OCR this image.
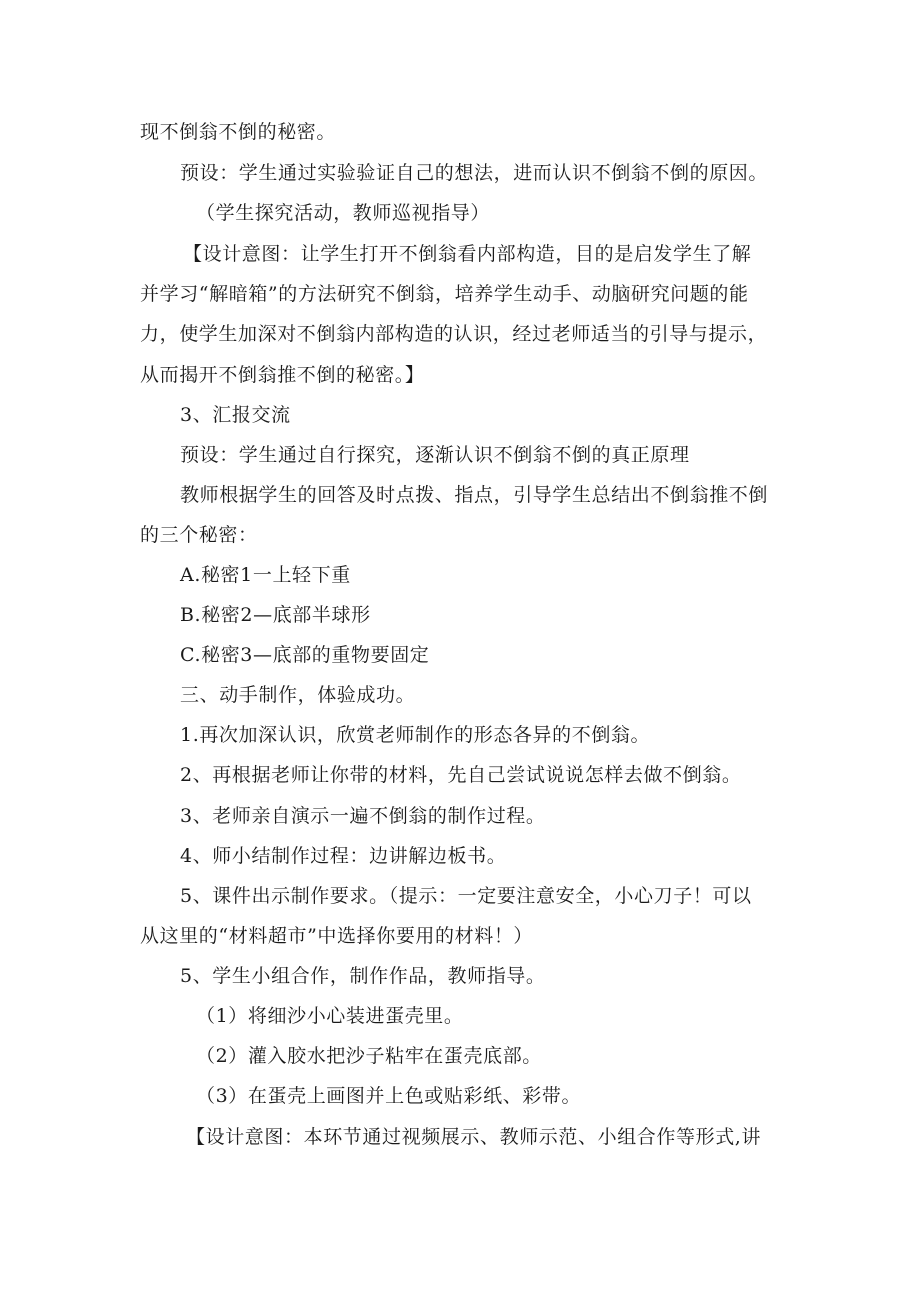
现不倒翁不倒的秘密。
预设：学生通过实验验证自己的想法，进而认识不倒翁不倒的原因。
（学生探究活动，教师巡视指导）
【设计意图：让学生打开不倒翁看内部构造，目的是启发学生了解
并学习“解暗箱”的方法研究不倒翁，培养学生动手、动脑研究问题的能
力，使学生加深对不倒翁内部构造的认识，经过老师适当的引导与提示，
从而揭开不倒翁推不倒的秘密。】
3、汇报交流
预设：学生通过自行探究，逐渐认识不倒翁不倒的真正原理
教师根据学生的回答及时点拨、指点，引导学生总结出不倒翁推不倒
的三个秘密：
A.秘密1一上轻下重
B.秘密2—底部半球形
C.秘密3—底部的重物要固定
三、动手制作，体验成功。
1.再次加深认识，欣赏老师制作的形态各异的不倒翁。
2、再根据老师让你带的材料，先自己尝试说说怎样去做不倒翁。
3、老师亲自演示一遍不倒翁的制作过程。
4、师小结制作过程：边讲解边板书。
5、课件出示制作要求。（提示：一定要注意安全，小心刀子！可以
从这里的“材料超市”中选择你要用的材料！）
5、学生小组合作，制作作品，教师指导。
（1）将细沙小心装进蛋壳里。
（2）灌入胶水把沙子粘牢在蛋壳底部。
（3）在蛋壳上画图并上色或贴彩纸、彩带。
【设计意图：本环节通过视频展示、教师示范、小组合作等形式,讲
